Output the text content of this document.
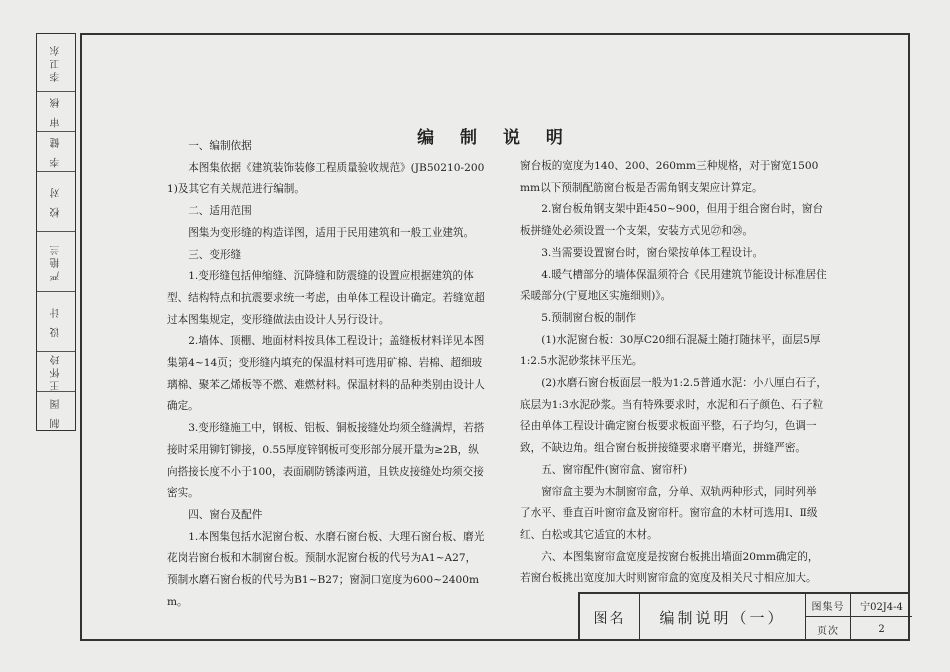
李卫东
审 核
李 健
校 对
严艳兰
设 计
王怀玲
制 图
编 制 说 明

一、编制依据

本图集依据《建筑装饰装修工程质量验收规范》(JB50210-2001)及其它有关规范进行编制。

二、适用范围

图集为变形缝的构造详图，适用于民用建筑和一般工业建筑。

三、变形缝

1.变形缝包括伸缩缝、沉降缝和防震缝的设置应根据建筑的体型、结构特点和抗震要求统一考虑，由单体工程设计确定。若缝宽超过本图集规定，变形缝做法由设计人另行设计。

2.墙体、顶棚、地面材料按具体工程设计；盖缝板材料详见本图集第4~14页；变形缝内填充的保温材料可选用矿棉、岩棉、超细玻璃棉、聚苯乙烯板等不燃、难燃材料。保温材料的品种类别由设计人确定。

3.变形缝施工中，钢板、铝板、铜板接缝处均须全缝满焊，若搭接时采用铆钉铆接，0.55厚度锌钢板可变形部分展开量为≥2B，纵向搭接长度不小于100，表面刷防锈漆两道，且铁皮接缝处均须交接密实。

四、窗台及配件

1.本图集包括水泥窗台板、水磨石窗台板、大理石窗台板、磨光花岗岩窗台板和木制窗台板。预制水泥窗台板的代号为A1~A27，预制水磨石窗台板的代号为B1~B27；窗洞口宽度为600~2400mm。

窗台板的宽度为140、200、260mm三种规格，对于窗宽1500mm以下预制配筋窗台板是否需角钢支架应计算定。

2.窗台板角钢支架中距450~900，但用于组合窗台时，窗台板拼缝处必须设置一个支架，安装方式见㉗和㉘。

3.当需要设置窗台时，窗台梁按单体工程设计。

4.暖气槽部分的墙体保温须符合《民用建筑节能设计标准居住采暖部分(宁夏地区实施细则)》。

5.预制窗台板的制作

(1)水泥窗台板：30厚C20细石混凝土随打随抹平，面层5厚1:2.5水泥砂浆抹平压光。

(2)水磨石窗台板面层一般为1:2.5普通水泥：小八厘白石子，底层为1:3水泥砂浆。当有特殊要求时，水泥和石子颜色、石子粒径由单体工程设计确定窗台板要求板面平整，石子均匀，色调一致，不缺边角。组合窗台板拼接缝要求磨平磨光，拼缝严密。

五、窗帘配件(窗帘盒、窗帘杆)

窗帘盒主要为木制窗帘盒，分单、双轨两种形式，同时列举了水平、垂直百叶窗帘盒及窗帘杆。窗帘盒的木材可选用Ⅰ、Ⅱ级红、白松或其它适宜的木材。

六、本图集窗帘盒宽度是按窗台板挑出墙面20mm确定的，若窗台板挑出宽度加大时则窗帘盒的宽度及相关尺寸相应加大。

图名 编制说明（一）
图集号 宁02J4-4
页次	2
